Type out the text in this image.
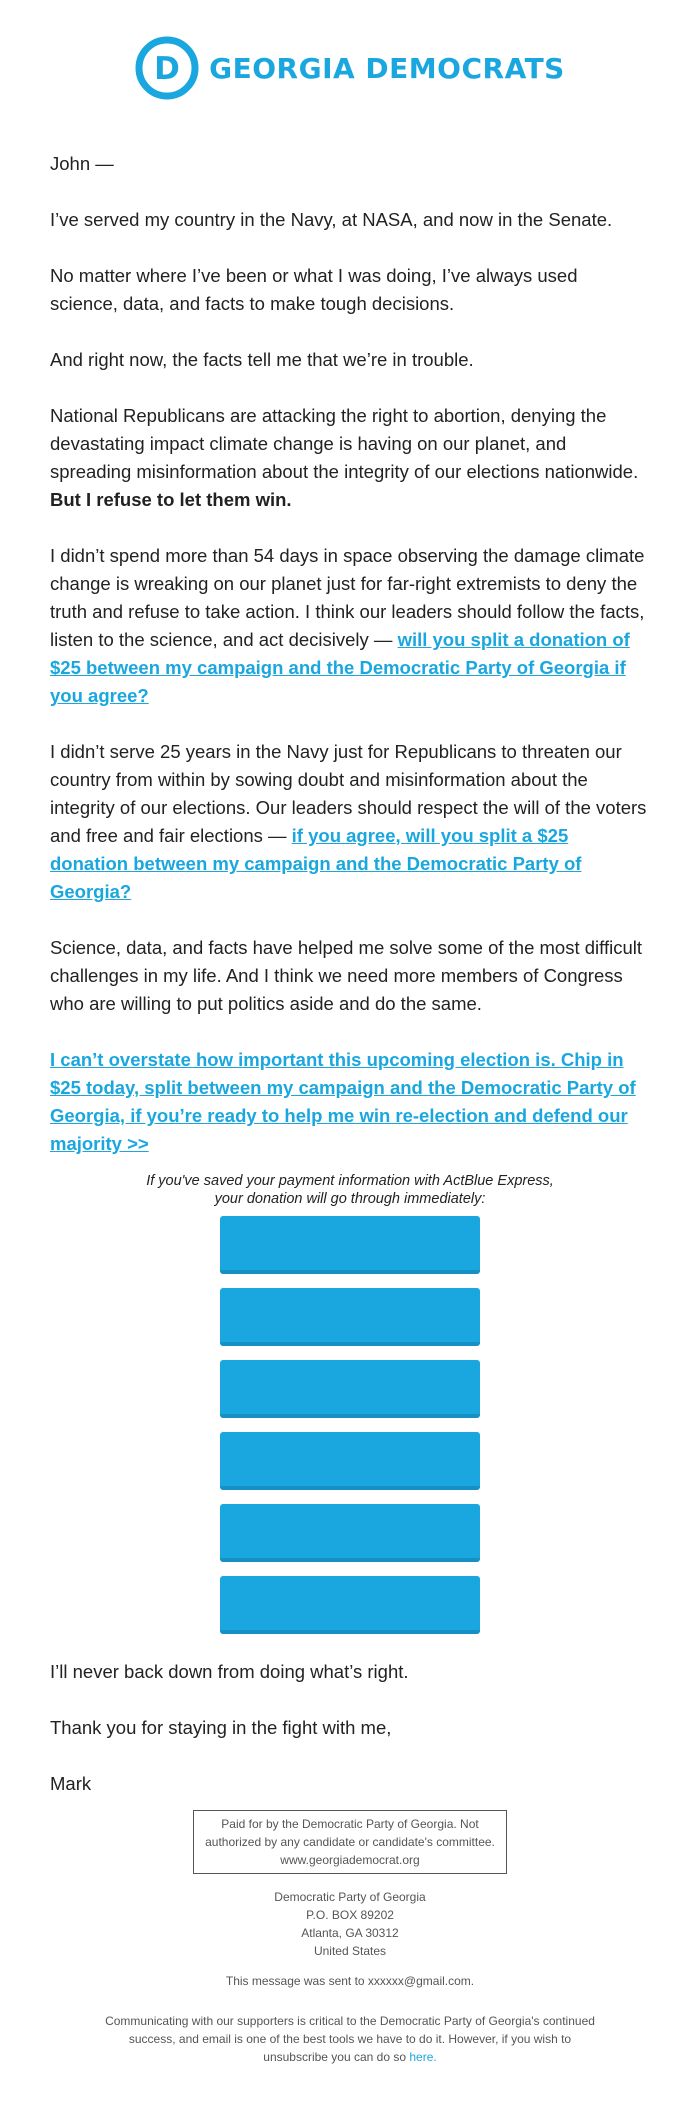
D GEORGIA DEMOCRATS

John —

I’ve served my country in the Navy, at NASA, and now in the Senate.

No matter where I’ve been or what I was doing, I’ve always used science, data, and facts to make tough decisions.

And right now, the facts tell me that we’re in trouble.

National Republicans are attacking the right to abortion, denying the devastating impact climate change is having on our planet, and spreading misinformation about the integrity of our elections nationwide. But I refuse to let them win.

I didn’t spend more than 54 days in space observing the damage climate change is wreaking on our planet just for far-right extremists to deny the truth and refuse to take action. I think our leaders should follow the facts, listen to the science, and act decisively — will you split a donation of $25 between my campaign and the Democratic Party of Georgia if you agree?

I didn’t serve 25 years in the Navy just for Republicans to threaten our country from within by sowing doubt and misinformation about the integrity of our elections. Our leaders should respect the will of the voters and free and fair elections — if you agree, will you split a $25 donation between my campaign and the Democratic Party of Georgia?

Science, data, and facts have helped me solve some of the most difficult challenges in my life. And I think we need more members of Congress who are willing to put politics aside and do the same.

I can’t overstate how important this upcoming election is. Chip in $25 today, split between my campaign and the Democratic Party of Georgia, if you’re ready to help me win re-election and defend our majority >>

If you've saved your payment information with ActBlue Express,
your donation will go through immediately:
Donate $5 >>
Donate $25 >>
Donate $50 >>
Donate $100 >>
Donate $250 >>
Donate another amount >>

I’ll never back down from doing what’s right.

Thank you for staying in the fight with me,

Mark

Paid for by the Democratic Party of Georgia. Not authorized by any candidate or candidate's committee. www.georgiademocrat.org
Democratic Party of Georgia
P.O. BOX 89202
Atlanta, GA 30312
United States
This message was sent to xxxxxx@gmail.com.
Communicating with our supporters is critical to the Democratic Party of Georgia's continued success, and email is one of the best tools we have to do it. However, if you wish to unsubscribe you can do so here.
